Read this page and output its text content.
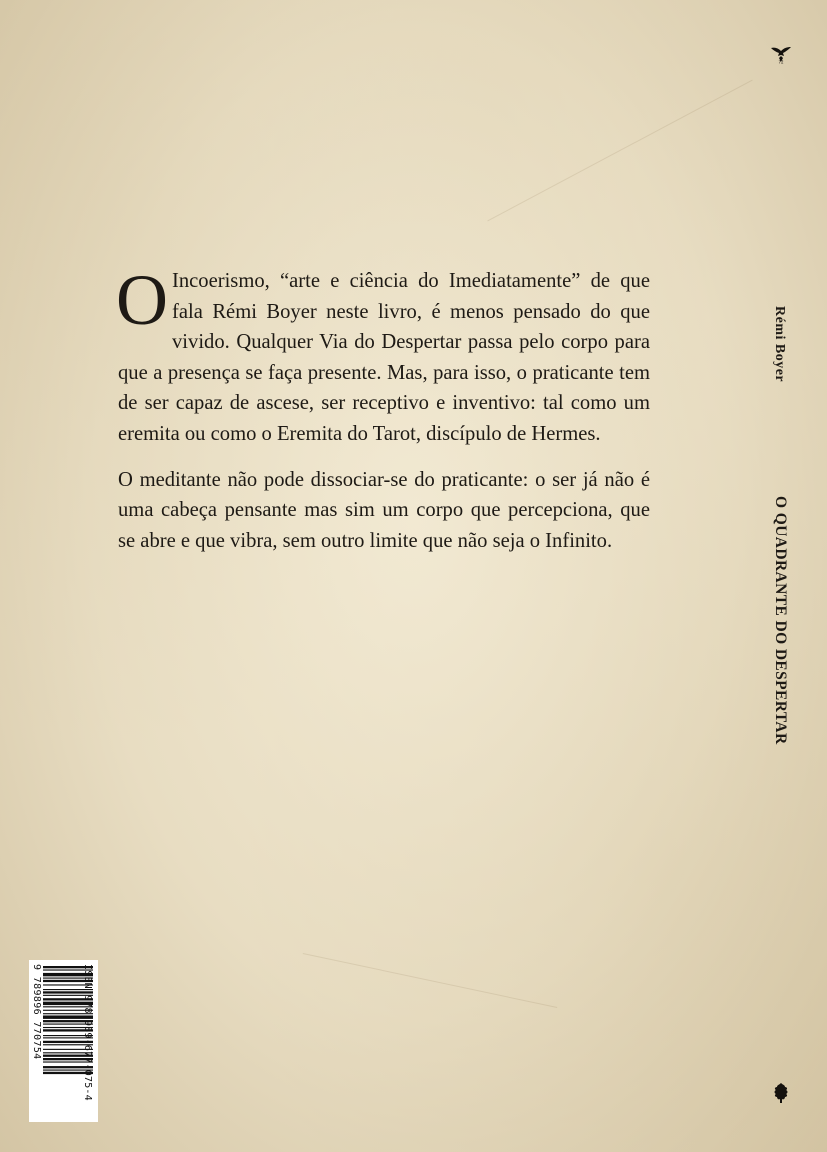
72

O Incoerismo, “arte e ciência do Imediatamente” de que fala Rémi Boyer neste livro, é menos pensado do que vivido. Qualquer Via do Despertar passa pelo corpo para que a presença se faça presente. Mas, para isso, o praticante tem de ser capaz de ascese, ser receptivo e inventivo: tal como um eremita ou como o Eremita do Tarot, discípulo de Hermes.

O meditante não pode dissociar-se do praticante: o ser já não é uma cabeça pensante mas sim um corpo que percepciona, que se abre e que vibra, sem outro limite que não seja o Infinito.

Rémi Boyer
O QUADRANTE DO DESPERTAR
9 789896 770754	ISBN 978-989-677-075-4
